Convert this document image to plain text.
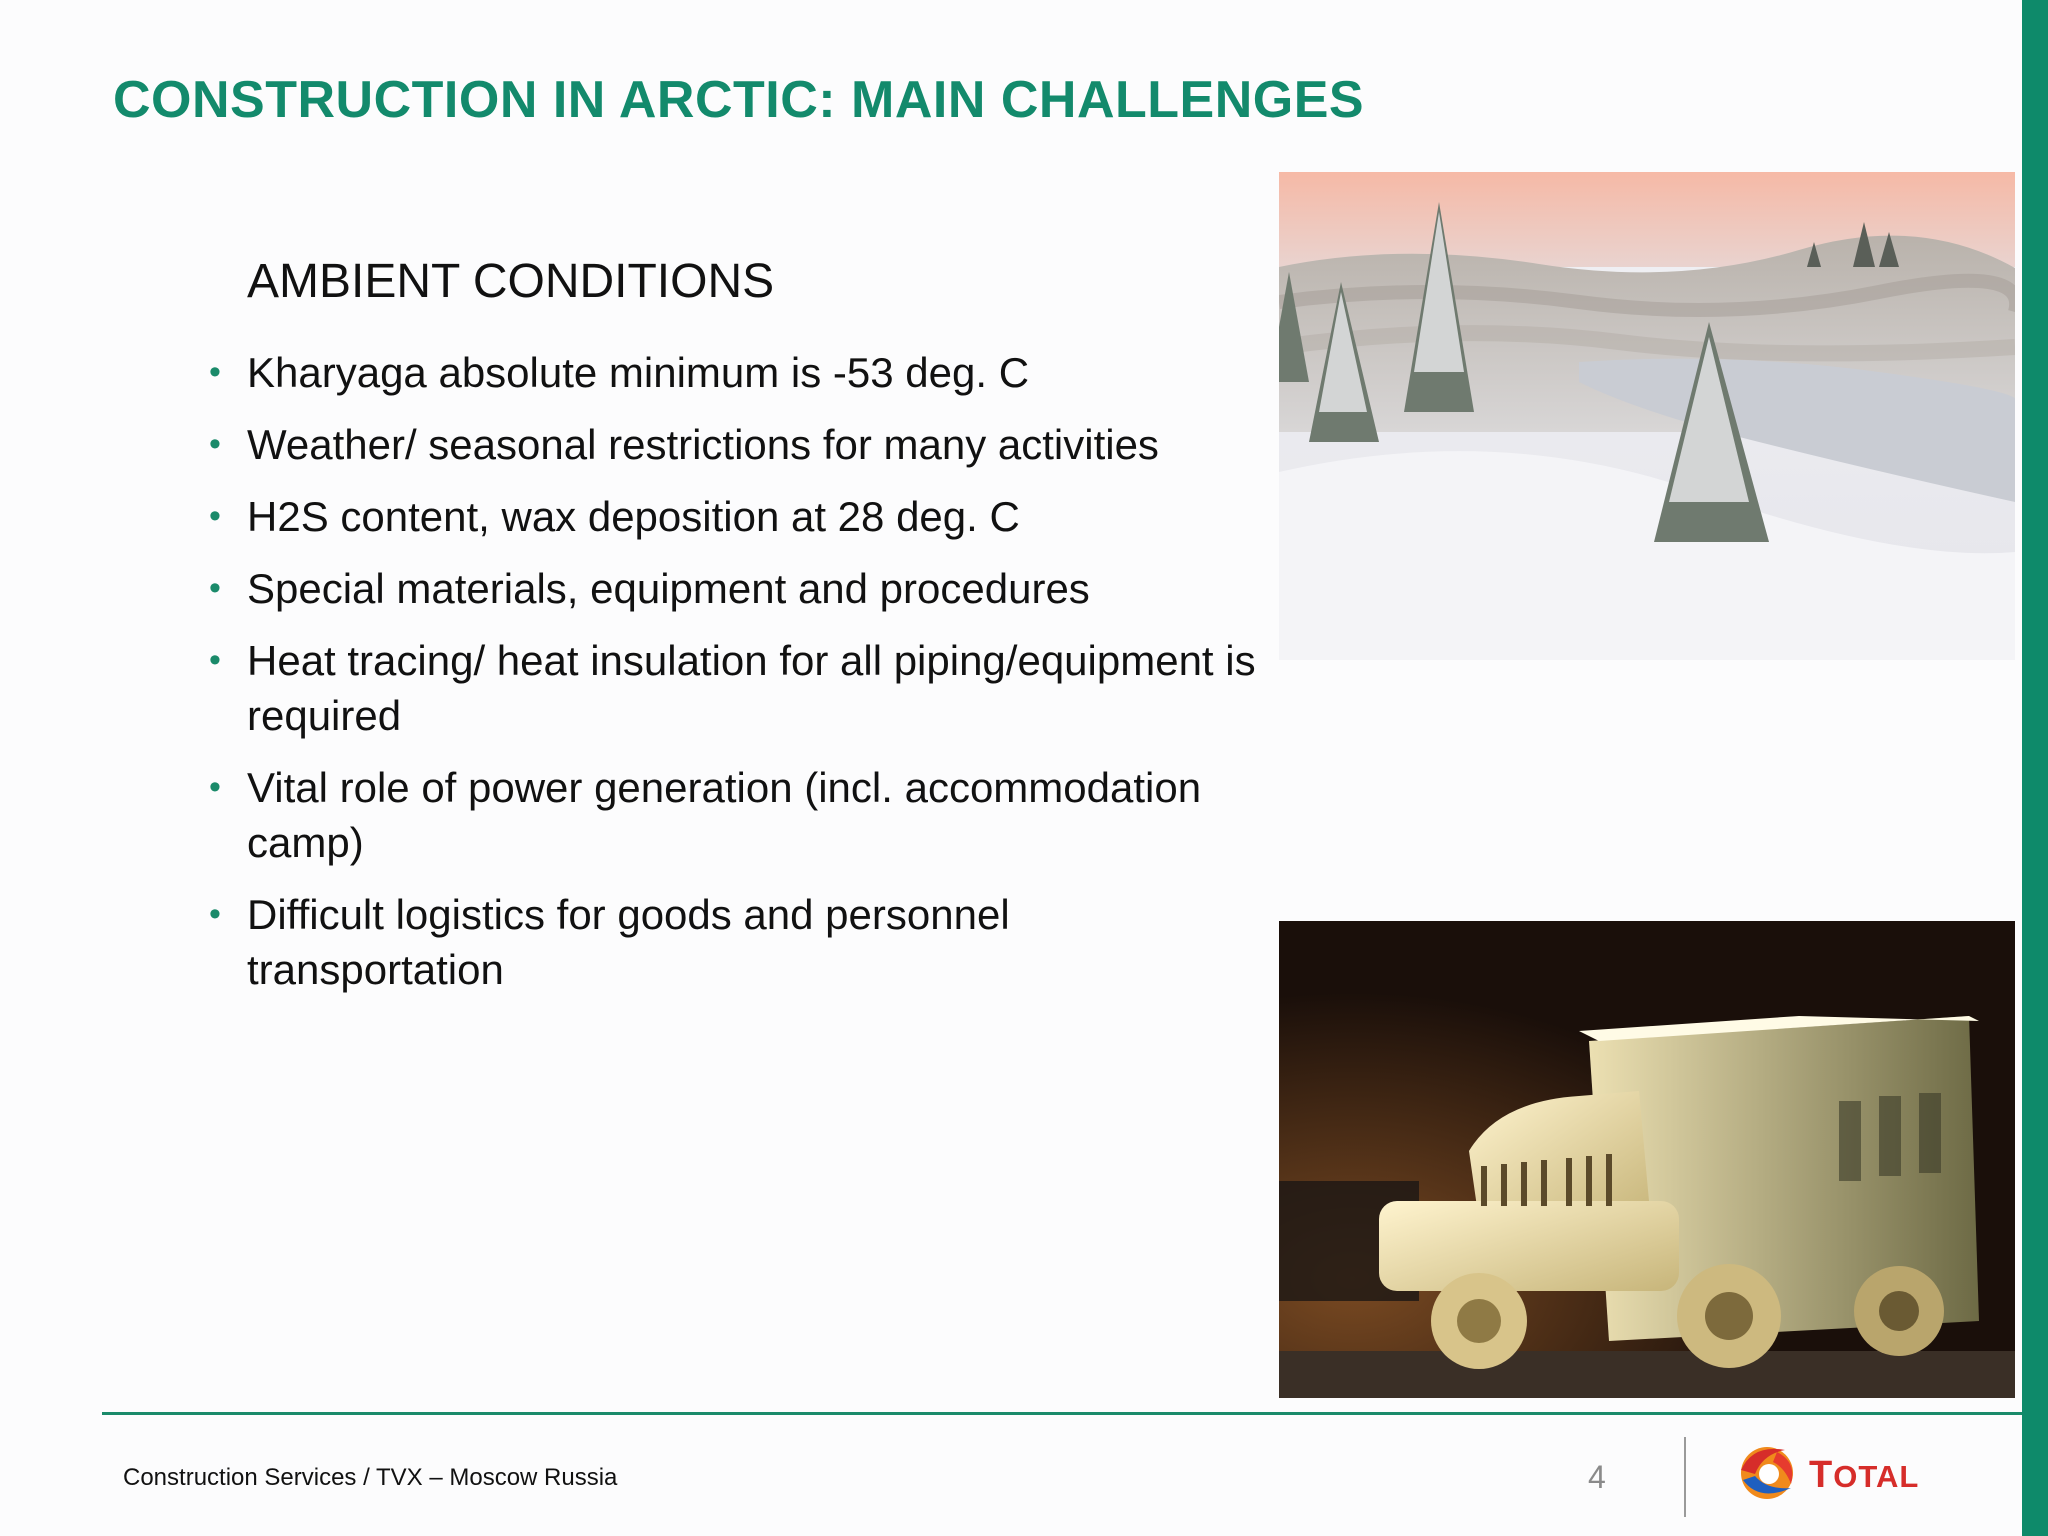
CONSTRUCTION IN ARCTIC: MAIN CHALLENGES
AMBIENT CONDITIONS
• Kharyaga absolute minimum is -53 deg. C
• Weather/ seasonal restrictions for many activities
• H2S content, wax deposition at 28 deg. C
• Special materials, equipment and procedures
• Heat tracing/ heat insulation for all piping/equipment is required
• Vital role of power generation (incl. accommodation camp)
• Difficult logistics for goods and personnel transportation
Construction Services / TVX – Moscow Russia	4	TOTAL
